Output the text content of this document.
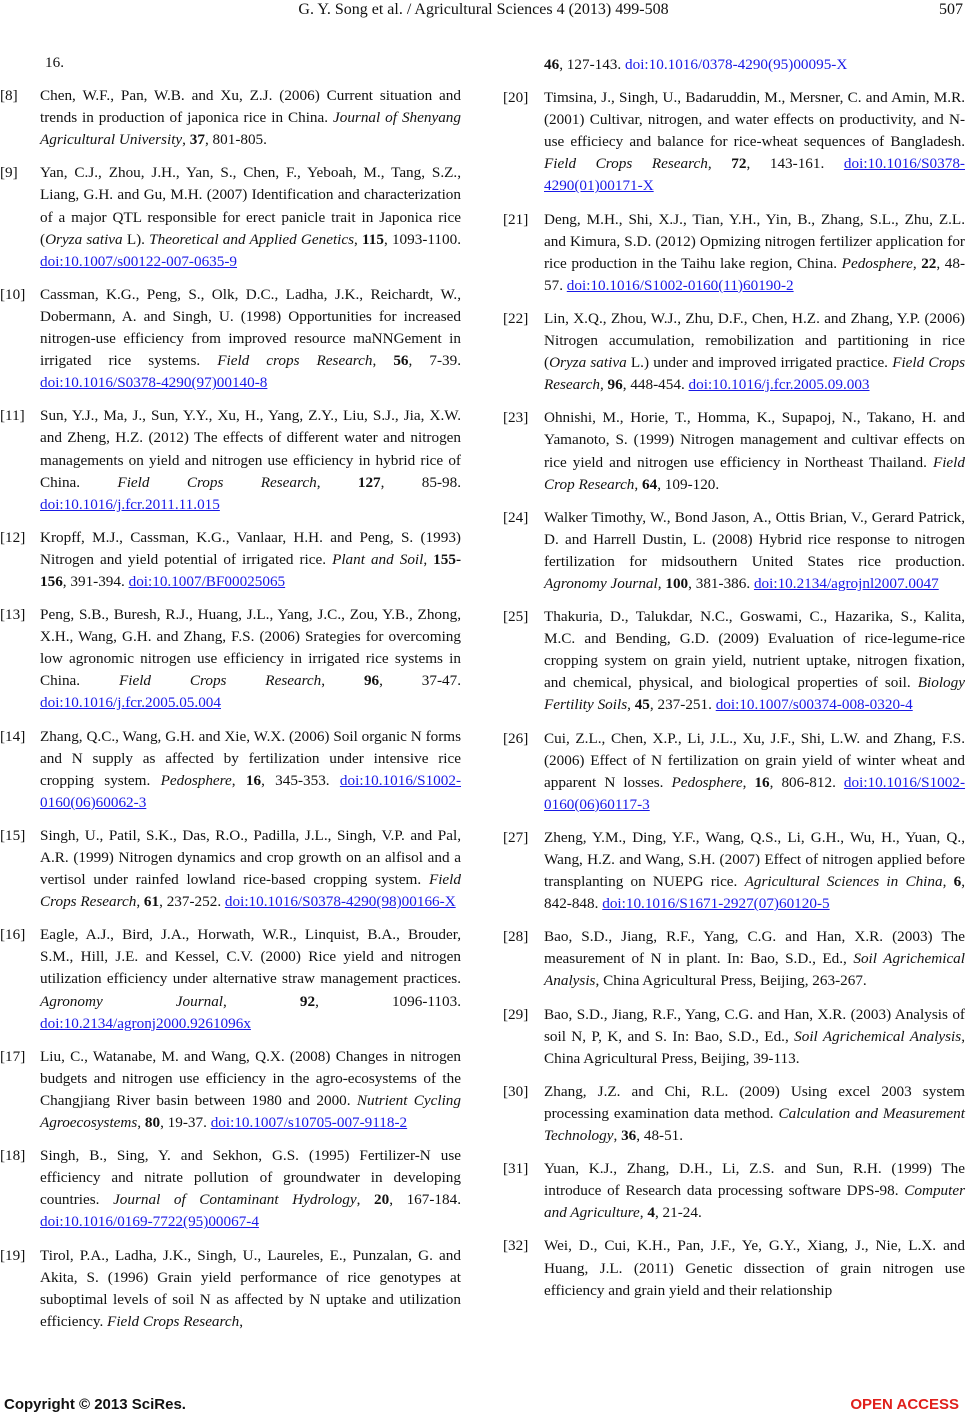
G. Y. Song et al. / Agricultural Sciences 4 (2013) 499-508	507

16.

[8] Chen, W.F., Pan, W.B. and Xu, Z.J. (2006) Current situation and trends in production of japonica rice in China. Journal of Shenyang Agricultural University, 37, 801-805.
[9] Yan, C.J., Zhou, J.H., Yan, S., Chen, F., Yeboah, M., Tang, S.Z., Liang, G.H. and Gu, M.H. (2007) Identification and characterization of a major QTL responsible for erect panicle trait in Japonica rice (Oryza sativa L). Theoretical and Applied Genetics, 115, 1093-1100. doi:10.1007/s00122-007-0635-9
[10] Cassman, K.G., Peng, S., Olk, D.C., Ladha, J.K., Reichardt, W., Dobermann, A. and Singh, U. (1998) Opportunities for increased nitrogen-use efficiency from improved resource maNNGement in irrigated rice systems. Field crops Research, 56, 7-39. doi:10.1016/S0378-4290(97)00140-8
[11] Sun, Y.J., Ma, J., Sun, Y.Y., Xu, H., Yang, Z.Y., Liu, S.J., Jia, X.W. and Zheng, H.Z. (2012) The effects of different water and nitrogen managements on yield and nitrogen use efficiency in hybrid rice of China. Field Crops Research, 127, 85-98. doi:10.1016/j.fcr.2011.11.015
[12] Kropff, M.J., Cassman, K.G., Vanlaar, H.H. and Peng, S. (1993) Nitrogen and yield potential of irrigated rice. Plant and Soil, 155-156, 391-394. doi:10.1007/BF00025065
[13] Peng, S.B., Buresh, R.J., Huang, J.L., Yang, J.C., Zou, Y.B., Zhong, X.H., Wang, G.H. and Zhang, F.S. (2006) Srategies for overcoming low agronomic nitrogen use efficiency in irrigated rice systems in China. Field Crops Research, 96, 37-47. doi:10.1016/j.fcr.2005.05.004
[14] Zhang, Q.C., Wang, G.H. and Xie, W.X. (2006) Soil organic N forms and N supply as affected by fertilization under intensive rice cropping system. Pedosphere, 16, 345-353. doi:10.1016/S1002-0160(06)60062-3
[15] Singh, U., Patil, S.K., Das, R.O., Padilla, J.L., Singh, V.P. and Pal, A.R. (1999) Nitrogen dynamics and crop growth on an alfisol and a vertisol under rainfed lowland rice-based cropping system. Field Crops Research, 61, 237-252. doi:10.1016/S0378-4290(98)00166-X
[16] Eagle, A.J., Bird, J.A., Horwath, W.R., Linquist, B.A., Brouder, S.M., Hill, J.E. and Kessel, C.V. (2000) Rice yield and nitrogen utilization efficiency under alternative straw management practices. Agronomy Journal, 92, 1096-1103. doi:10.2134/agronj2000.9261096x
[17] Liu, C., Watanabe, M. and Wang, Q.X. (2008) Changes in nitrogen budgets and nitrogen use efficiency in the agro-ecosystems of the Changjiang River basin between 1980 and 2000. Nutrient Cycling Agroecosystems, 80, 19-37. doi:10.1007/s10705-007-9118-2
[18] Singh, B., Sing, Y. and Sekhon, G.S. (1995) Fertilizer-N use efficiency and nitrate pollution of groundwater in developing countries. Journal of Contaminant Hydrology, 20, 167-184. doi:10.1016/0169-7722(95)00067-4
[19] Tirol, P.A., Ladha, J.K., Singh, U., Laureles, E., Punzalan, G. and Akita, S. (1996) Grain yield performance of rice genotypes at suboptimal levels of soil N as affected by N uptake and utilization efficiency. Field Crops Research,

46, 127-143. doi:10.1016/0378-4290(95)00095-X

[20] Timsina, J., Singh, U., Badaruddin, M., Mersner, C. and Amin, M.R. (2001) Cultivar, nitrogen, and water effects on productivity, and N-use efficiecy and balance for rice-wheat sequences of Bangladesh. Field Crops Research, 72, 143-161. doi:10.1016/S0378-4290(01)00171-X
[21] Deng, M.H., Shi, X.J., Tian, Y.H., Yin, B., Zhang, S.L., Zhu, Z.L. and Kimura, S.D. (2012) Opmizing nitrogen fertilizer application for rice production in the Taihu lake region, China. Pedosphere, 22, 48-57. doi:10.1016/S1002-0160(11)60190-2
[22] Lin, X.Q., Zhou, W.J., Zhu, D.F., Chen, H.Z. and Zhang, Y.P. (2006) Nitrogen accumulation, remobilization and partitioning in rice (Oryza sativa L.) under and improved irrigated practice. Field Crops Research, 96, 448-454. doi:10.1016/j.fcr.2005.09.003
[23] Ohnishi, M., Horie, T., Homma, K., Supapoj, N., Takano, H. and Yamanoto, S. (1999) Nitrogen management and cultivar effects on rice yield and nitrogen use efficiency in Northeast Thailand. Field Crop Research, 64, 109-120.
[24] Walker Timothy, W., Bond Jason, A., Ottis Brian, V., Gerard Patrick, D. and Harrell Dustin, L. (2008) Hybrid rice response to nitrogen fertilization for midsouthern United States rice production. Agronomy Journal, 100, 381-386. doi:10.2134/agrojnl2007.0047
[25] Thakuria, D., Talukdar, N.C., Goswami, C., Hazarika, S., Kalita, M.C. and Bending, G.D. (2009) Evaluation of rice-legume-rice cropping system on grain yield, nutrient uptake, nitrogen fixation, and chemical, physical, and biological properties of soil. Biology Fertility Soils, 45, 237-251. doi:10.1007/s00374-008-0320-4
[26] Cui, Z.L., Chen, X.P., Li, J.L., Xu, J.F., Shi, L.W. and Zhang, F.S. (2006) Effect of N fertilization on grain yield of winter wheat and apparent N losses. Pedosphere, 16, 806-812. doi:10.1016/S1002-0160(06)60117-3
[27] Zheng, Y.M., Ding, Y.F., Wang, Q.S., Li, G.H., Wu, H., Yuan, Q., Wang, H.Z. and Wang, S.H. (2007) Effect of nitrogen applied before transplanting on NUEPG rice. Agricultural Sciences in China, 6, 842-848. doi:10.1016/S1671-2927(07)60120-5
[28] Bao, S.D., Jiang, R.F., Yang, C.G. and Han, X.R. (2003) The measurement of N in plant. In: Bao, S.D., Ed., Soil Agrichemical Analysis, China Agricultural Press, Beijing, 263-267.
[29] Bao, S.D., Jiang, R.F., Yang, C.G. and Han, X.R. (2003) Analysis of soil N, P, K, and S. In: Bao, S.D., Ed., Soil Agrichemical Analysis, China Agricultural Press, Beijing, 39-113.
[30] Zhang, J.Z. and Chi, R.L. (2009) Using excel 2003 system processing examination data method. Calculation and Measurement Technology, 36, 48-51.
[31] Yuan, K.J., Zhang, D.H., Li, Z.S. and Sun, R.H. (1999) The introduce of Research data processing software DPS-98. Computer and Agriculture, 4, 21-24.
[32] Wei, D., Cui, K.H., Pan, J.F., Ye, G.Y., Xiang, J., Nie, L.X. and Huang, J.L. (2011) Genetic dissection of grain nitrogen use efficiency and grain yield and their relationship
Copyright © 2013 SciRes.	OPEN ACCESS
